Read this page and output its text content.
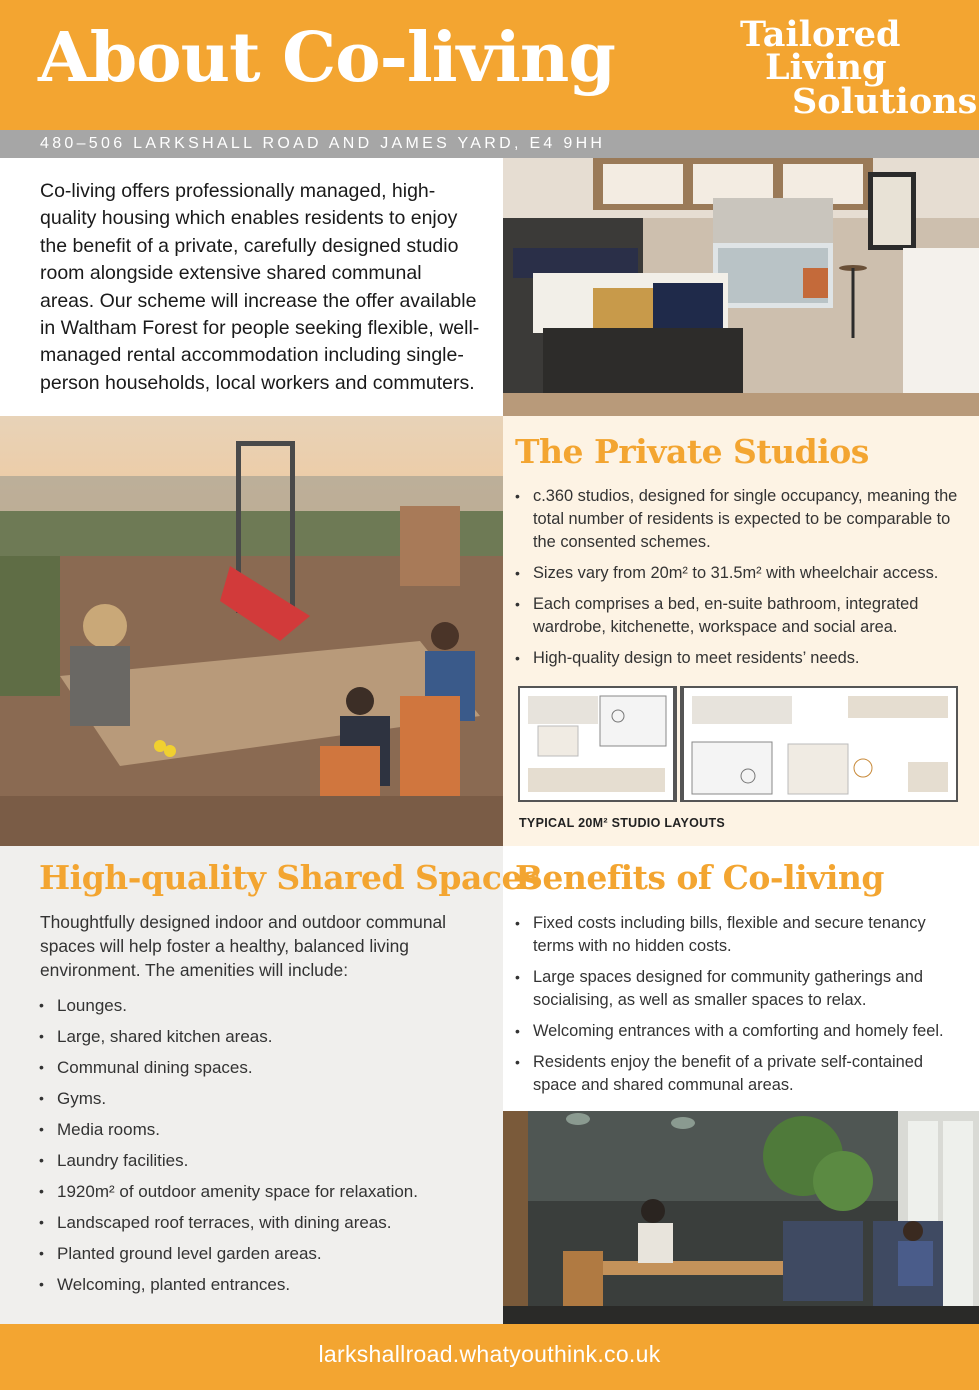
About Co-living	Tailored
Living
Solutions
480–506 LARKSHALL ROAD AND JAMES YARD, E4 9HH

Co-living offers professionally managed, high-quality housing which enables residents to enjoy the benefit of a private, carefully designed studio room alongside extensive shared communal areas. Our scheme will increase the offer available in Waltham Forest for people seeking flexible, well-managed rental accommodation including single-person households, local workers and commuters.

The Private Studios
• c.360 studios, designed for single occupancy, meaning the total number of residents is expected to be comparable to the consented schemes.
• Sizes vary from 20m² to 31.5m² with wheelchair access.
• Each comprises a bed, en-suite bathroom, integrated wardrobe, kitchenette, workspace and social area.
• High-quality design to meet residents’ needs.
TYPICAL 20M² STUDIO LAYOUTS
High-quality Shared Spaces

Thoughtfully designed indoor and outdoor communal spaces will help foster a healthy, balanced living environment. The amenities will include:

• Lounges.
• Large, shared kitchen areas.
• Communal dining spaces.
• Gyms.
• Media rooms.
• Laundry facilities.
• 1920m² of outdoor amenity space for relaxation.
• Landscaped roof terraces, with dining areas.
• Planted ground level garden areas.
• Welcoming, planted entrances.
Benefits of Co-living
• Fixed costs including bills, flexible and secure tenancy terms with no hidden costs.
• Large spaces designed for community gatherings and socialising, as well as smaller spaces to relax.
• Welcoming entrances with a comforting and homely feel.
• Residents enjoy the benefit of a private self-contained space and shared communal areas.
larkshallroad.whatyouthink.co.uk
